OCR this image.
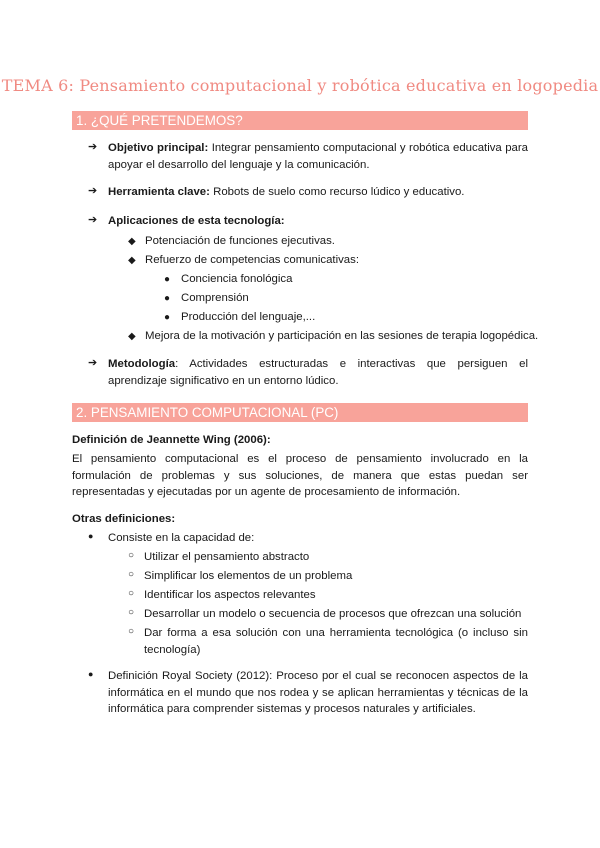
TEMA 6: Pensamiento computacional y robótica educativa en logopedia
1. ¿QUÉ PRETENDEMOS?
➔ Objetivo principal: Integrar pensamiento computacional y robótica educativa para apoyar el desarrollo del lenguaje y la comunicación.
➔ Herramienta clave: Robots de suelo como recurso lúdico y educativo.
➔ Aplicaciones de esta tecnología:
◆ Potenciación de funciones ejecutivas.
◆ Refuerzo de competencias comunicativas:
● Conciencia fonológica
● Comprensión
● Producción del lenguaje,...
◆ Mejora de la motivación y participación en las sesiones de terapia logopédica.
➔ Metodología: Actividades estructuradas e interactivas que persiguen el aprendizaje significativo en un entorno lúdico.
2. PENSAMIENTO COMPUTACIONAL (PC)
Definición de Jeannette Wing (2006):
El pensamiento computacional es el proceso de pensamiento involucrado en la formulación de problemas y sus soluciones, de manera que estas puedan ser representadas y ejecutadas por un agente de procesamiento de información.
Otras definiciones:
● Consiste en la capacidad de:
○ Utilizar el pensamiento abstracto
○ Simplificar los elementos de un problema
○ Identificar los aspectos relevantes
○ Desarrollar un modelo o secuencia de procesos que ofrezcan una solución
○ Dar forma a esa solución con una herramienta tecnológica (o incluso sin tecnología)
● Definición Royal Society (2012): Proceso por el cual se reconocen aspectos de la informática en el mundo que nos rodea y se aplican herramientas y técnicas de la informática para comprender sistemas y procesos naturales y artificiales.
